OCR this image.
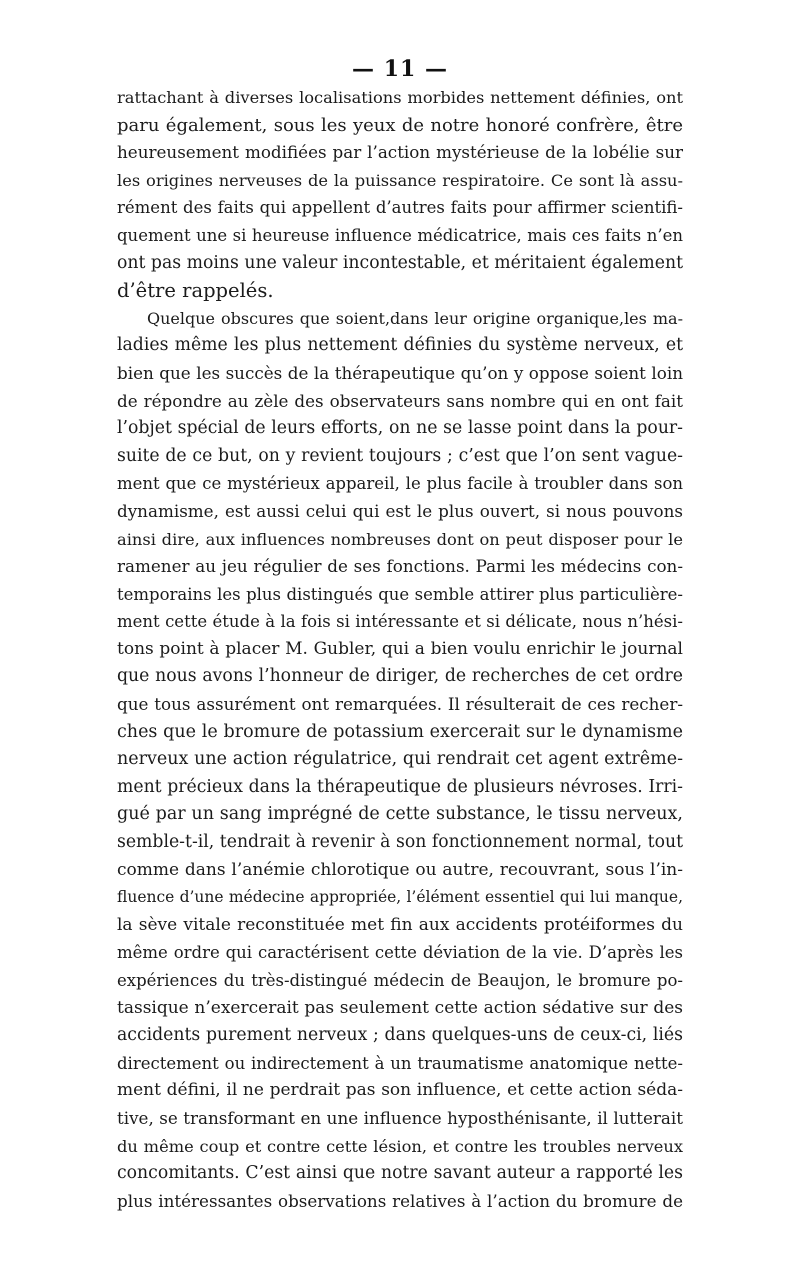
— 11 —
rattachant à diverses localisations morbides nettement définies, ont
paru également, sous les yeux de notre honoré confrère, être
heureusement modifiées par l’action mystérieuse de la lobélie sur
les origines nerveuses de la puissance respiratoire. Ce sont là assu-
rément des faits qui appellent d’autres faits pour affirmer scientifi-
quement une si heureuse influence médicatrice, mais ces faits n’en
ont pas moins une valeur incontestable, et méritaient également
d’être rappelés.
Quelque obscures que soient,dans leur origine organique,les ma-
ladies même les plus nettement définies du système nerveux, et
bien que les succès de la thérapeutique qu’on y oppose soient loin
de répondre au zèle des observateurs sans nombre qui en ont fait
l’objet spécial de leurs efforts, on ne se lasse point dans la pour-
suite de ce but, on y revient toujours ; c’est que l’on sent vague-
ment que ce mystérieux appareil, le plus facile à troubler dans son
dynamisme, est aussi celui qui est le plus ouvert, si nous pouvons
ainsi dire, aux influences nombreuses dont on peut disposer pour le
ramener au jeu régulier de ses fonctions. Parmi les médecins con-
temporains les plus distingués que semble attirer plus particulière-
ment cette étude à la fois si intéressante et si délicate, nous n’hési-
tons point à placer M. Gubler, qui a bien voulu enrichir le journal
que nous avons l’honneur de diriger, de recherches de cet ordre
que tous assurément ont remarquées. Il résulterait de ces recher-
ches que le bromure de potassium exercerait sur le dynamisme
nerveux une action régulatrice, qui rendrait cet agent extrême-
ment précieux dans la thérapeutique de plusieurs névroses. Irri-
gué par un sang imprégné de cette substance, le tissu nerveux,
semble-t-il, tendrait à revenir à son fonctionnement normal, tout
comme dans l’anémie chlorotique ou autre, recouvrant, sous l’in-
fluence d’une médecine appropriée, l’élément essentiel qui lui manque,
la sève vitale reconstituée met fin aux accidents protéiformes du
même ordre qui caractérisent cette déviation de la vie. D’après les
expériences du très-distingué médecin de Beaujon, le bromure po-
tassique n’exercerait pas seulement cette action sédative sur des
accidents purement nerveux ; dans quelques-uns de ceux-ci, liés
directement ou indirectement à un traumatisme anatomique nette-
ment défini, il ne perdrait pas son influence, et cette action séda-
tive, se transformant en une influence hyposthénisante, il lutterait
du même coup et contre cette lésion, et contre les troubles nerveux
concomitants. C’est ainsi que notre savant auteur a rapporté les
plus intéressantes observations relatives à l’action du bromure de
